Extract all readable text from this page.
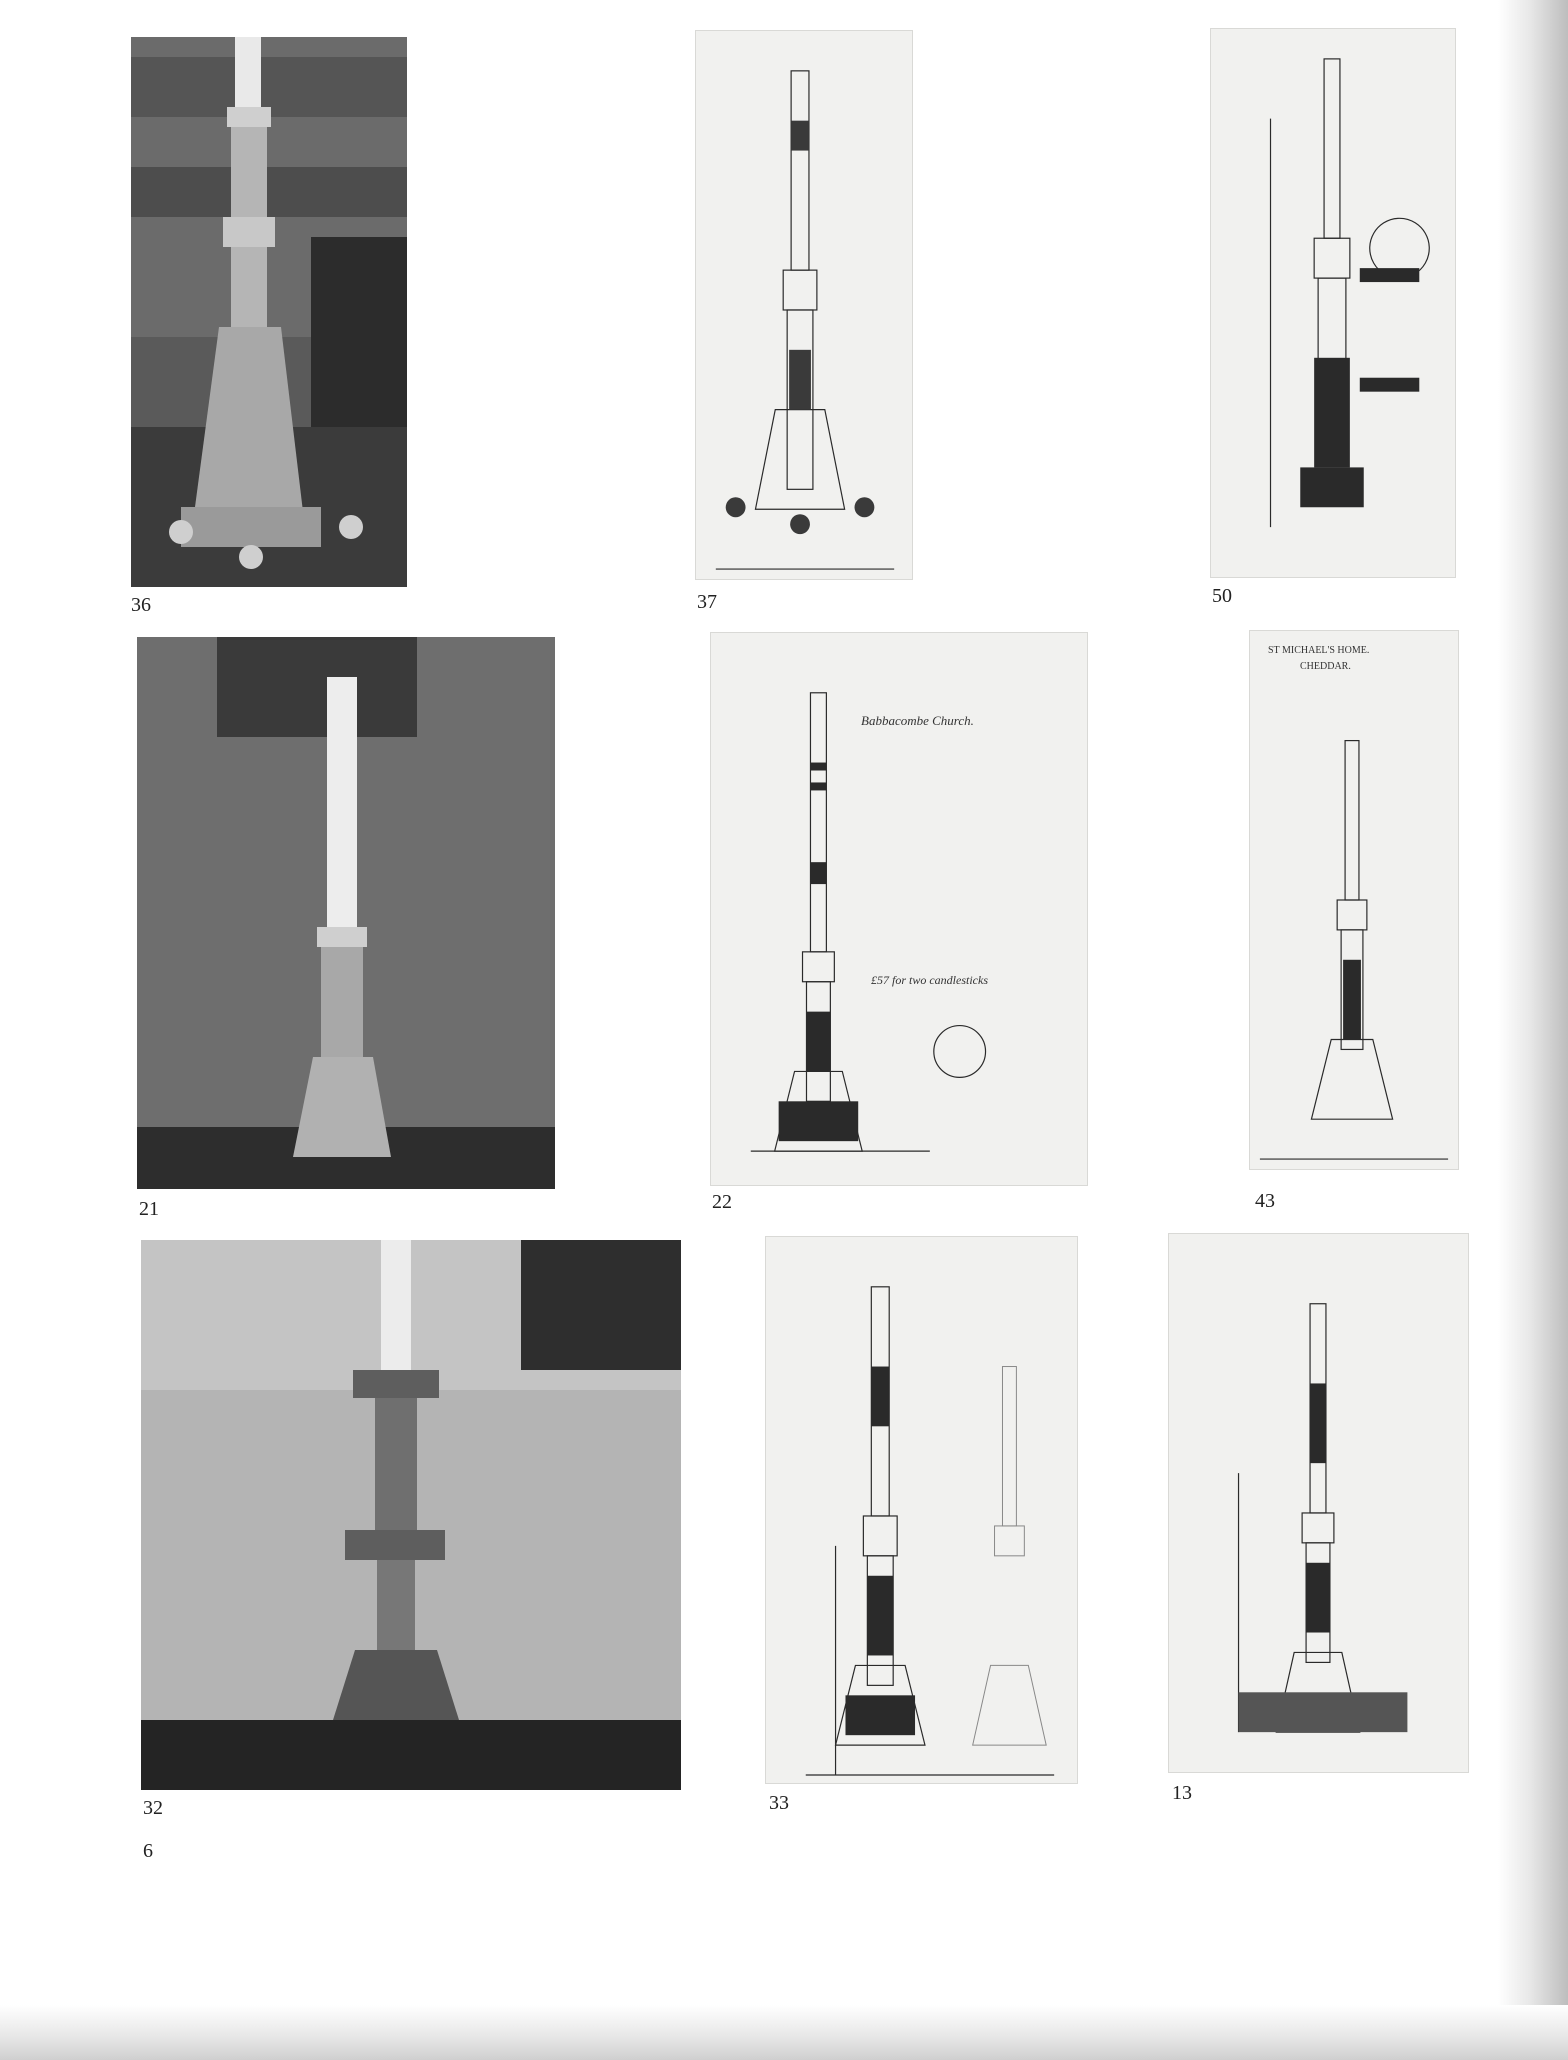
36	37	50
21
Babbacombe Church.
£57 for two candlesticks
22
ST MICHAEL'S HOME.
CHEDDAR.
43
32	33	13
6
